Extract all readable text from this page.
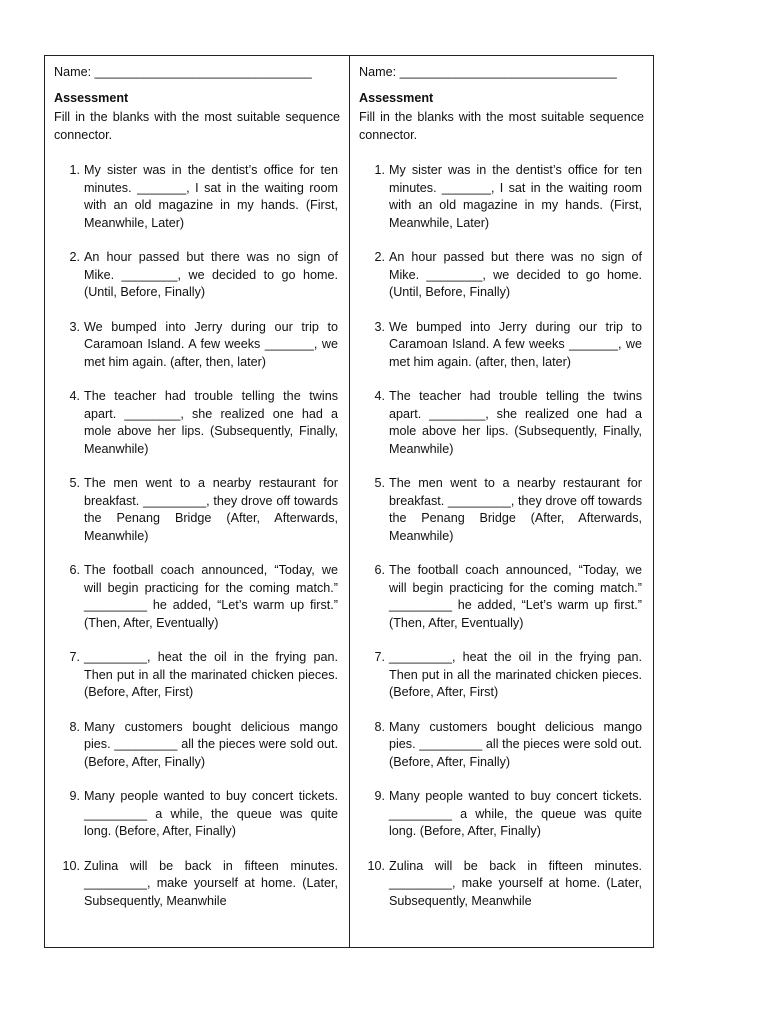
Name: _______________________________

Assessment

Fill in the blanks with the most suitable sequence connector.

1. My sister was in the dentist’s office for ten minutes. _______, I sat in the waiting room with an old magazine in my hands. (First, Meanwhile, Later)
2. An hour passed but there was no sign of Mike. ________, we decided to go home. (Until, Before, Finally)
3. We bumped into Jerry during our trip to Caramoan Island. A few weeks _______, we met him again. (after, then, later)
4. The teacher had trouble telling the twins apart. ________, she realized one had a mole above her lips. (Subsequently, Finally, Meanwhile)
5. The men went to a nearby restaurant for breakfast. _________, they drove off towards the Penang Bridge (After, Afterwards, Meanwhile)
6. The football coach announced, “Today, we will begin practicing for the coming match.” _________ he added, “Let’s warm up first.” (Then, After, Eventually)
7. _________, heat the oil in the frying pan. Then put in all the marinated chicken pieces. (Before, After, First)
8. Many customers bought delicious mango pies. _________ all the pieces were sold out. (Before, After, Finally)
9. Many people wanted to buy concert tickets. _________ a while, the queue was quite long. (Before, After, Finally)
10. Zulina will be back in fifteen minutes. _________, make yourself at home. (Later, Subsequently, Meanwhile

Name: _______________________________

Assessment

Fill in the blanks with the most suitable sequence connector.

1. My sister was in the dentist’s office for ten minutes. _______, I sat in the waiting room with an old magazine in my hands. (First, Meanwhile, Later)
2. An hour passed but there was no sign of Mike. ________, we decided to go home. (Until, Before, Finally)
3. We bumped into Jerry during our trip to Caramoan Island. A few weeks _______, we met him again. (after, then, later)
4. The teacher had trouble telling the twins apart. ________, she realized one had a mole above her lips. (Subsequently, Finally, Meanwhile)
5. The men went to a nearby restaurant for breakfast. _________, they drove off towards the Penang Bridge (After, Afterwards, Meanwhile)
6. The football coach announced, “Today, we will begin practicing for the coming match.” _________ he added, “Let’s warm up first.” (Then, After, Eventually)
7. _________, heat the oil in the frying pan. Then put in all the marinated chicken pieces. (Before, After, First)
8. Many customers bought delicious mango pies. _________ all the pieces were sold out. (Before, After, Finally)
9. Many people wanted to buy concert tickets. _________ a while, the queue was quite long. (Before, After, Finally)
10. Zulina will be back in fifteen minutes. _________, make yourself at home. (Later, Subsequently, Meanwhile
